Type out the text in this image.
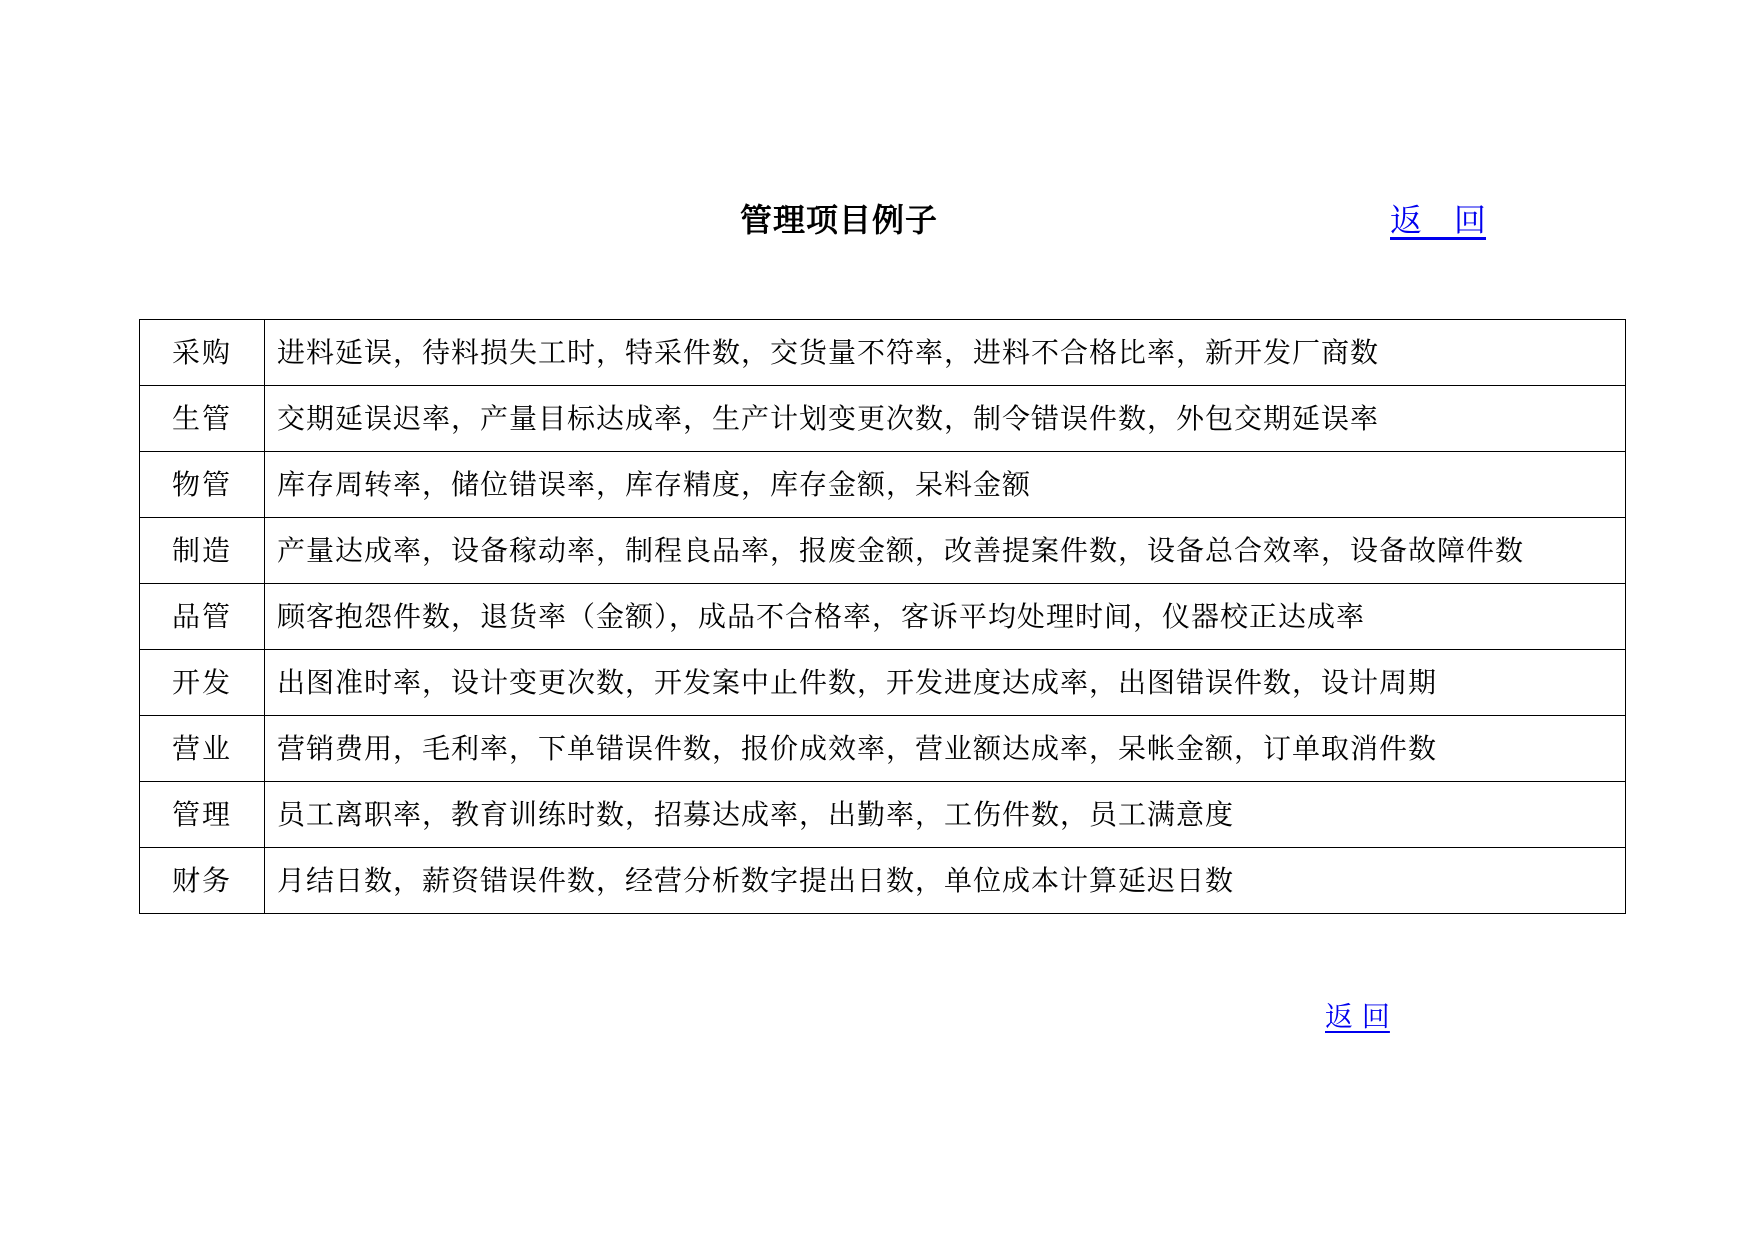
管理项目例子	返　回
采购	进料延误，待料损失工时，特采件数，交货量不符率，进料不合格比率，新开发厂商数
生管	交期延误迟率，产量目标达成率，生产计划变更次数，制令错误件数，外包交期延误率
物管	库存周转率，储位错误率，库存精度，库存金额，呆料金额
制造	产量达成率，设备稼动率，制程良品率，报废金额，改善提案件数，设备总合效率，设备故障件数
品管	顾客抱怨件数，退货率（金额），成品不合格率，客诉平均处理时间，仪器校正达成率
开发	出图准时率，设计变更次数，开发案中止件数，开发进度达成率，出图错误件数，设计周期
营业	营销费用，毛利率，下单错误件数，报价成效率，营业额达成率，呆帐金额，订单取消件数
管理	员工离职率，教育训练时数，招募达成率，出勤率，工伤件数，员工满意度
财务	月结日数，薪资错误件数，经营分析数字提出日数，单位成本计算延迟日数
返 回
